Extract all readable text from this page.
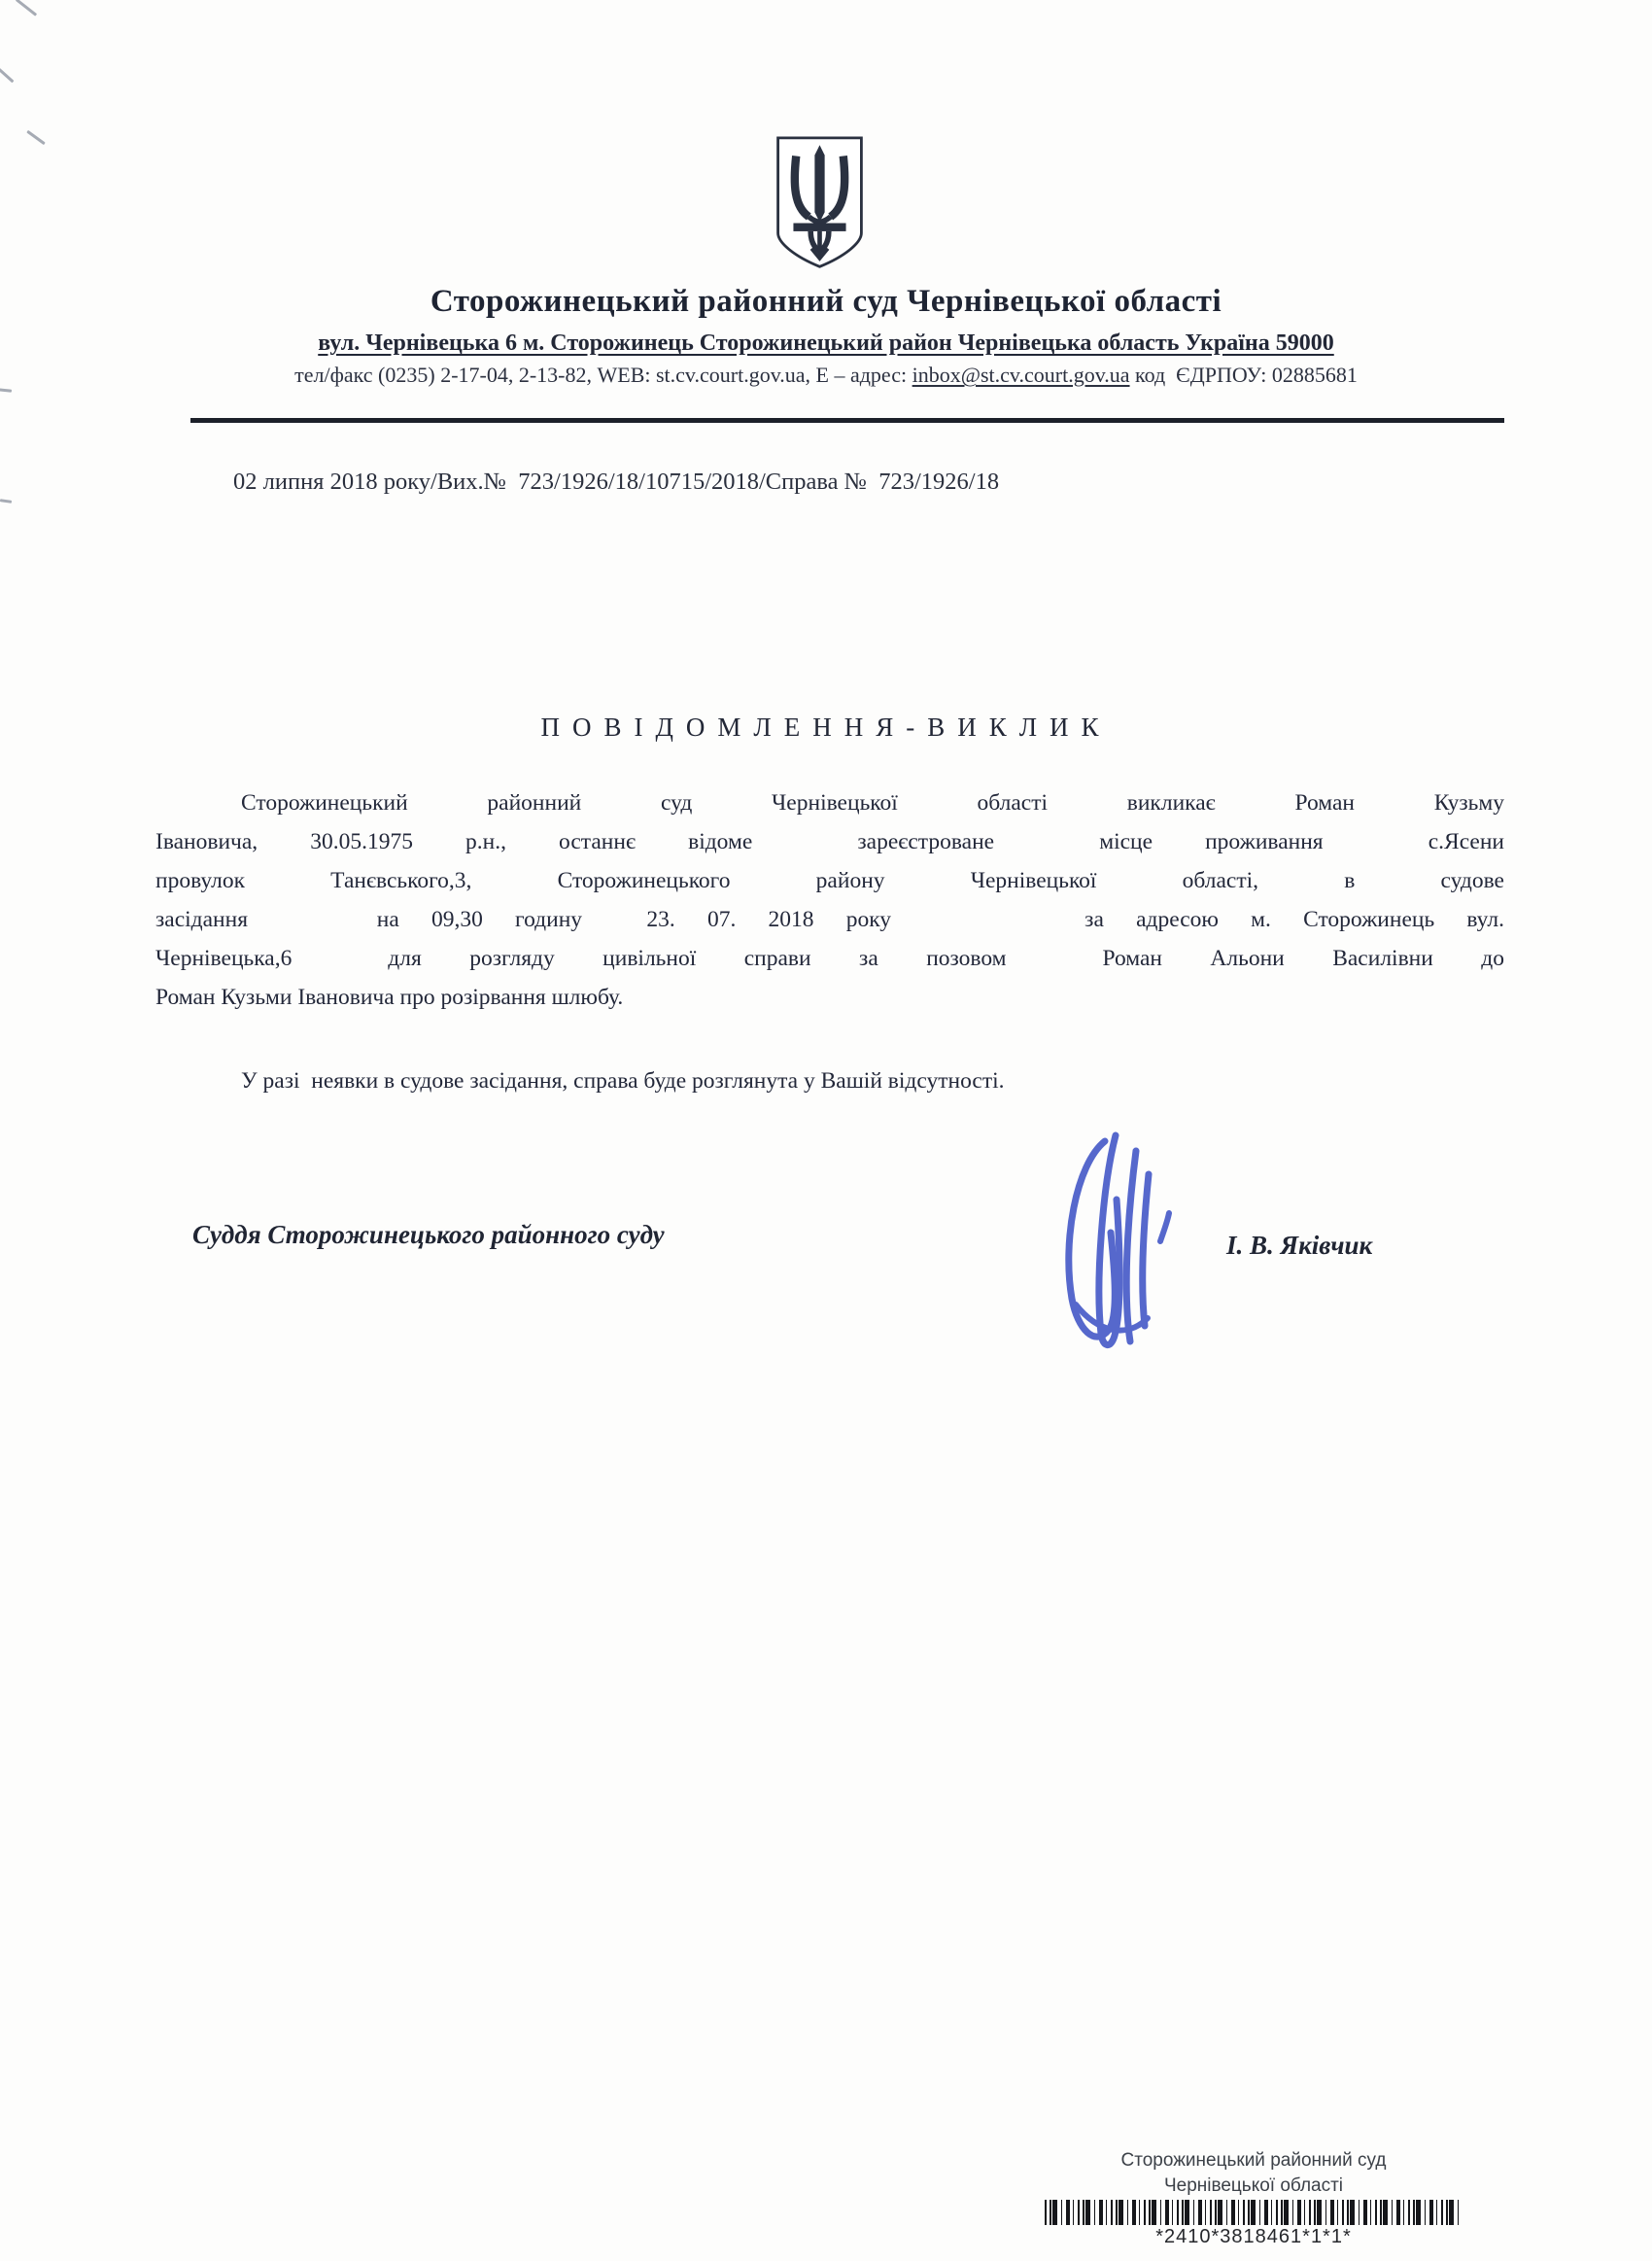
Сторожинецький районний суд Чернівецької області
вул. Чернівецька 6 м. Сторожинець Сторожинецький район Чернівецька область Україна 59000
тел/факс (0235) 2-17-04, 2-13-82, WEB: st.cv.court.gov.ua, Е – адрес: inbox@st.cv.court.gov.ua код  ЄДРПОУ: 02885681
02 липня 2018 року/Вих.№  723/1926/18/10715/2018/Справа №  723/1926/18
ПОВІДОМЛЕННЯ-ВИКЛИК
Сторожинецький районний суд Чернівецької області викликає Роман Кузьму
Івановича, 30.05.1975 р.н., останнє відоме  зареєстроване  місце проживання  с.Ясени
провулок Танєвського,3, Сторожинецького району Чернівецької області, в судове
засідання    на 09,30 годину  23. 07. 2018 року      за адресою м. Сторожинець вул.
Чернівецька,6  для розгляду цивільної справи за позовом  Роман Альони Василівни до
Роман Кузьми Івановича про розірвання шлюбу.
У разі  неявки в судове засідання, справа буде розглянута у Вашій відсутності.
Суддя Сторожинецького районного суду	І. В. Яківчик
Сторожинецький районний суд
Чернівецької області
*2410*3818461*1*1*
